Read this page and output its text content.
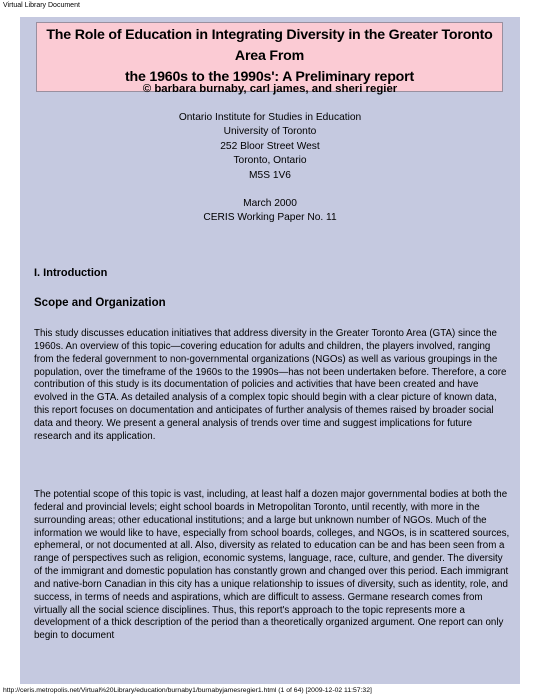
Virtual Library Document
The Role of Education in Integrating Diversity in the Greater Toronto Area From
the 1960s to the 1990s': A Preliminary report
© barbara burnaby, carl james, and sheri regier
Ontario Institute for Studies in Education
University of Toronto
252 Bloor Street West
Toronto, Ontario
M5S 1V6
March 2000
CERIS Working Paper No. 11
I. Introduction
Scope and Organization

This study discusses education initiatives that address diversity in the Greater Toronto Area (GTA) since the 1960s. An overview of this topic—covering education for adults and children, the players involved, ranging from the federal government to non-governmental organizations (NGOs) as well as various groupings in the population, over the timeframe of the 1960s to the 1990s—has not been undertaken before. Therefore, a core contribution of this study is its documentation of policies and activities that have been created and have evolved in the GTA. As detailed analysis of a complex topic should begin with a clear picture of known data, this report focuses on documentation and anticipates of further analysis of themes raised by broader social data and theory. We present a general analysis of trends over time and suggest implications for future research and its application.

The potential scope of this topic is vast, including, at least half a dozen major governmental bodies at both the federal and provincial levels; eight school boards in Metropolitan Toronto, until recently, with more in the surrounding areas; other educational institutions; and a large but unknown number of NGOs. Much of the information we would like to have, especially from school boards, colleges, and NGOs, is in scattered sources, ephemeral, or not documented at all. Also, diversity as related to education can be and has been seen from a range of perspectives such as religion, economic systems, language, race, culture, and gender. The diversity of the immigrant and domestic population has constantly grown and changed over this period. Each immigrant and native-born Canadian in this city has a unique relationship to issues of diversity, such as identity, role, and success, in terms of needs and aspirations, which are difficult to assess. Germane research comes from virtually all the social science disciplines. Thus, this report's approach to the topic represents more a development of a thick description of the period than a theoretically organized argument. One report can only begin to document

http://ceris.metropolis.net/Virtual%20Library/education/burnaby1/burnabyjamesregier1.html (1 of 64) [2009-12-02 11:57:32]
